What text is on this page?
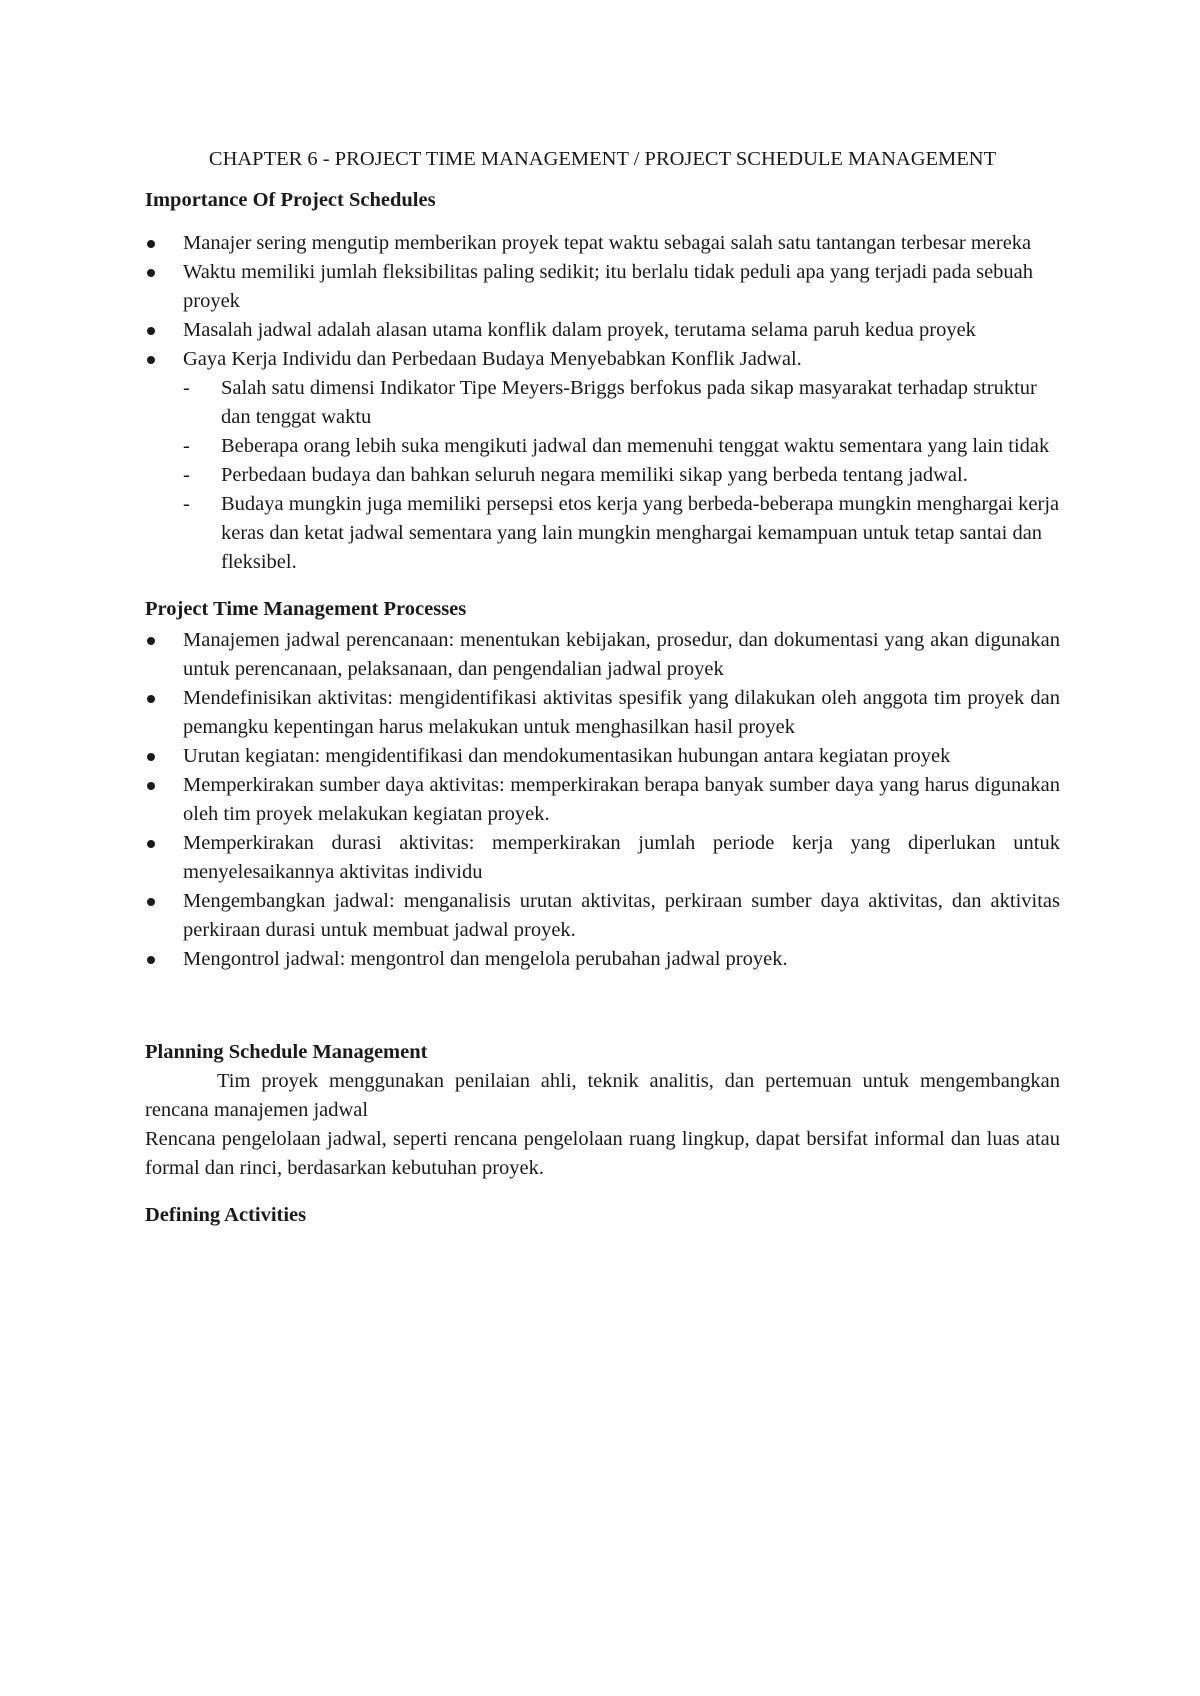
CHAPTER 6 - PROJECT TIME MANAGEMENT / PROJECT SCHEDULE MANAGEMENT
Importance Of Project Schedules
Manajer sering mengutip memberikan proyek tepat waktu sebagai salah satu tantangan terbesar mereka
Waktu memiliki jumlah fleksibilitas paling sedikit; itu berlalu tidak peduli apa yang terjadi pada sebuah proyek
Masalah jadwal adalah alasan utama konflik dalam proyek, terutama selama paruh kedua proyek
Gaya Kerja Individu dan Perbedaan Budaya Menyebabkan Konflik Jadwal.
- Salah satu dimensi Indikator Tipe Meyers-Briggs berfokus pada sikap masyarakat terhadap struktur dan tenggat waktu
- Beberapa orang lebih suka mengikuti jadwal dan memenuhi tenggat waktu sementara yang lain tidak
- Perbedaan budaya dan bahkan seluruh negara memiliki sikap yang berbeda tentang jadwal.
- Budaya mungkin juga memiliki persepsi etos kerja yang berbeda-beberapa mungkin menghargai kerja keras dan ketat jadwal sementara yang lain mungkin menghargai kemampuan untuk tetap santai dan fleksibel.
Project Time Management Processes
Manajemen jadwal perencanaan: menentukan kebijakan, prosedur, dan dokumentasi yang akan digunakan untuk perencanaan, pelaksanaan, dan pengendalian jadwal proyek
Mendefinisikan aktivitas: mengidentifikasi aktivitas spesifik yang dilakukan oleh anggota tim proyek dan pemangku kepentingan harus melakukan untuk menghasilkan hasil proyek
Urutan kegiatan: mengidentifikasi dan mendokumentasikan hubungan antara kegiatan proyek
Memperkirakan sumber daya aktivitas: memperkirakan berapa banyak sumber daya yang harus digunakan oleh tim proyek melakukan kegiatan proyek.
Memperkirakan durasi aktivitas: memperkirakan jumlah periode kerja yang diperlukan untuk menyelesaikannya aktivitas individu
Mengembangkan jadwal: menganalisis urutan aktivitas, perkiraan sumber daya aktivitas, dan aktivitas perkiraan durasi untuk membuat jadwal proyek.
Mengontrol jadwal: mengontrol dan mengelola perubahan jadwal proyek.
Planning Schedule Management

Tim proyek menggunakan penilaian ahli, teknik analitis, dan pertemuan untuk mengembangkan rencana manajemen jadwal

Rencana pengelolaan jadwal, seperti rencana pengelolaan ruang lingkup, dapat bersifat informal dan luas atau formal dan rinci, berdasarkan kebutuhan proyek.

Defining Activities
